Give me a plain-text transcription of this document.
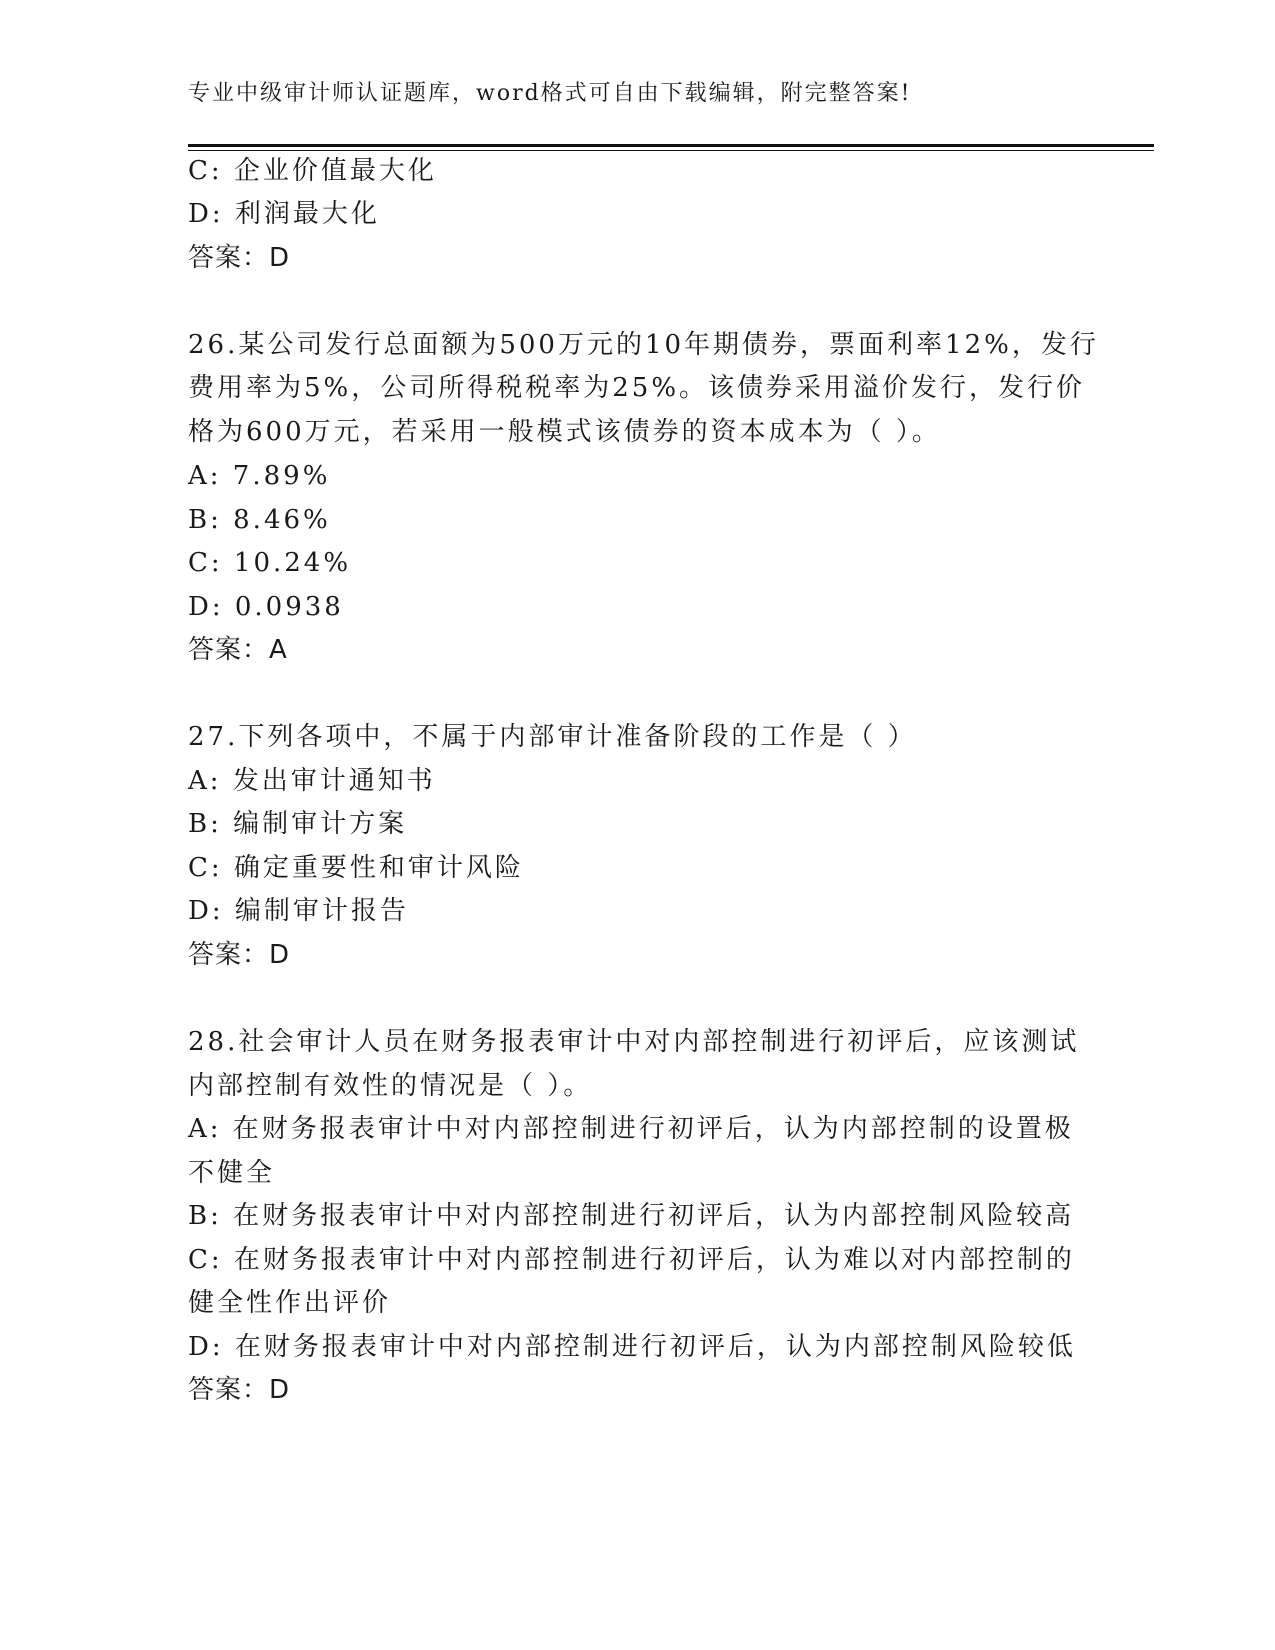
专业中级审计师认证题库，word格式可自由下载编辑，附完整答案!
C: 企业价值最大化
D: 利润最大化
答案：D
26.某公司发行总面额为500万元的10年期债券，票面利率12%，发行
费用率为5%，公司所得税税率为25%。该债券采用溢价发行，发行价
格为600万元，若采用一般模式该债券的资本成本为（ ）。
A: 7.89%
B: 8.46%
C: 10.24%
D: 0.0938
答案：A
27.下列各项中，不属于内部审计准备阶段的工作是（ ）
A: 发出审计通知书
B: 编制审计方案
C: 确定重要性和审计风险
D: 编制审计报告
答案：D
28.社会审计人员在财务报表审计中对内部控制进行初评后，应该测试
内部控制有效性的情况是（ ）。
A: 在财务报表审计中对内部控制进行初评后，认为内部控制的设置极
不健全
B: 在财务报表审计中对内部控制进行初评后，认为内部控制风险较高
C: 在财务报表审计中对内部控制进行初评后，认为难以对内部控制的
健全性作出评价
D: 在财务报表审计中对内部控制进行初评后，认为内部控制风险较低
答案：D
